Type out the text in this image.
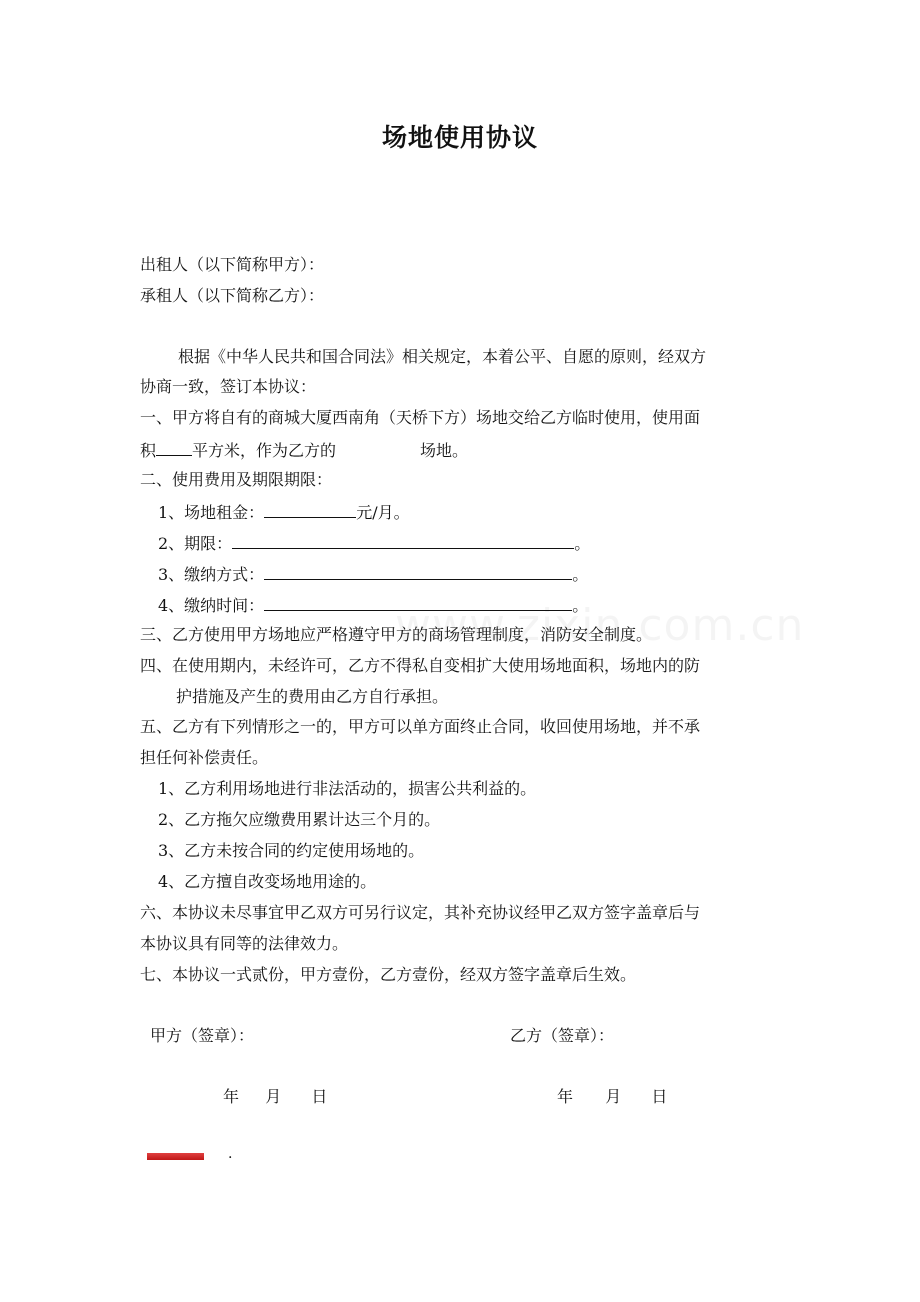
场地使用协议
出租人（以下简称甲方）：
承租人（以下简称乙方）：
根据《中华人民共和国合同法》相关规定，本着公平、自愿的原则，经双方
协商一致，签订本协议：
一、甲方将自有的商城大厦西南角（天桥下方）场地交给乙方临时使用，使用面
积 平方米，作为乙方的	场地。
二、使用费用及期限期限：
1、场地租金：	元/月。
2、期限：	。
3、缴纳方式：	。
4、缴纳时间：	。
三、乙方使用甲方场地应严格遵守甲方的商场管理制度，消防安全制度。
四、在使用期内，未经许可，乙方不得私自变相扩大使用场地面积，场地内的防
护措施及产生的费用由乙方自行承担。
五、乙方有下列情形之一的，甲方可以单方面终止合同，收回使用场地，并不承
担任何补偿责任。
1、乙方利用场地进行非法活动的，损害公共利益的。
2、乙方拖欠应缴费用累计达三个月的。
3、乙方未按合同的约定使用场地的。
4、乙方擅自改变场地用途的。
六、本协议未尽事宜甲乙双方可另行议定，其补充协议经甲乙双方签字盖章后与
本协议具有同等的法律效力。
七、本协议一式贰份，甲方壹份，乙方壹份，经双方签字盖章后生效。
甲方（签章）：	乙方（签章）：
年 月 日	年 月 日
.
